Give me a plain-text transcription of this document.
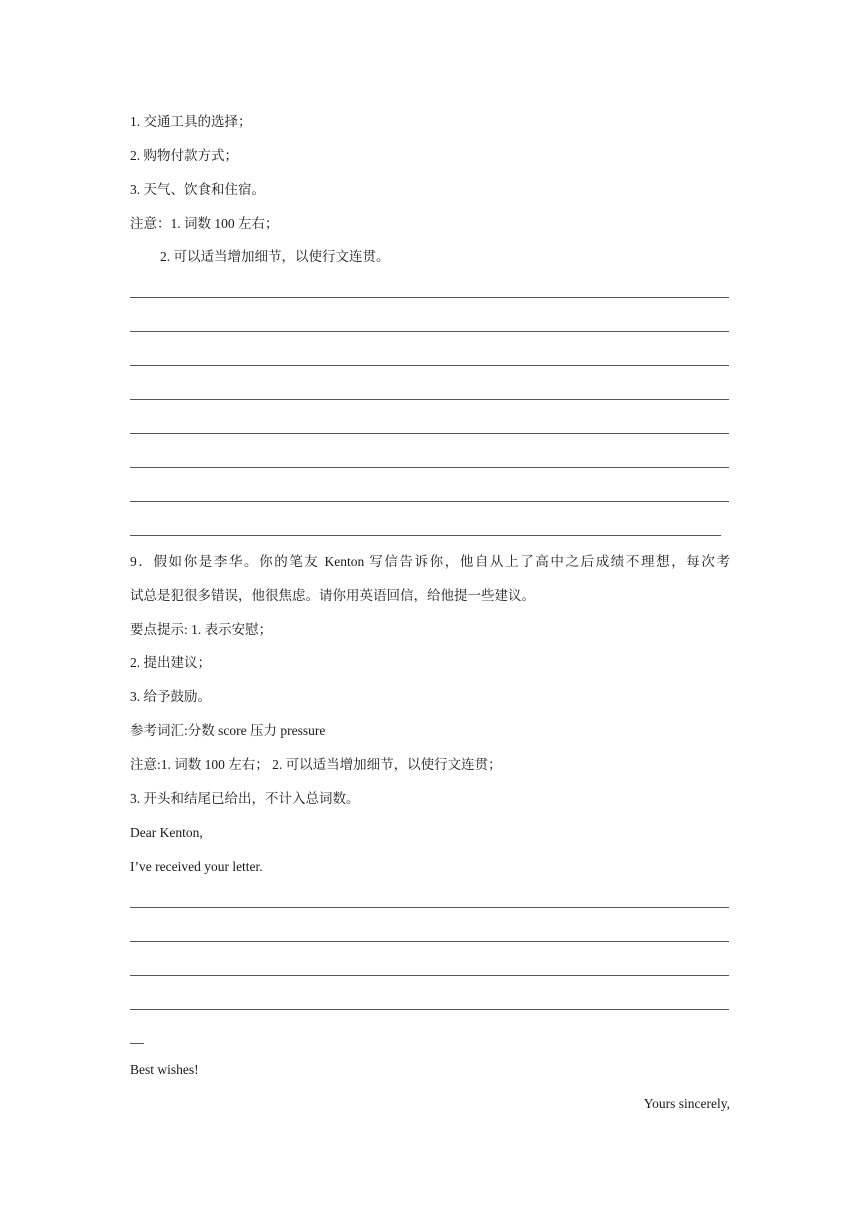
1. 交通工具的选择；
2. 购物付款方式；
3. 天气、饮食和住宿。
注意：1. 词数 100 左右；
2. 可以适当增加细节，以使行文连贯。
9．假如你是李华。你的笔友 Kenton 写信告诉你，他自从上了高中之后成绩不理想，每次考
试总是犯很多错误，他很焦虑。请你用英语回信，给他提一些建议。
要点提示: 1. 表示安慰；
2. 提出建议；
3. 给予鼓励。
参考词汇:分数 score 压力 pressure
注意:1. 词数 100 左右； 2. 可以适当增加细节，以使行文连贯；
3. 开头和结尾已给出，不计入总词数。
Dear Kenton,
I’ve received your letter.
Best wishes!
Yours sincerely,
